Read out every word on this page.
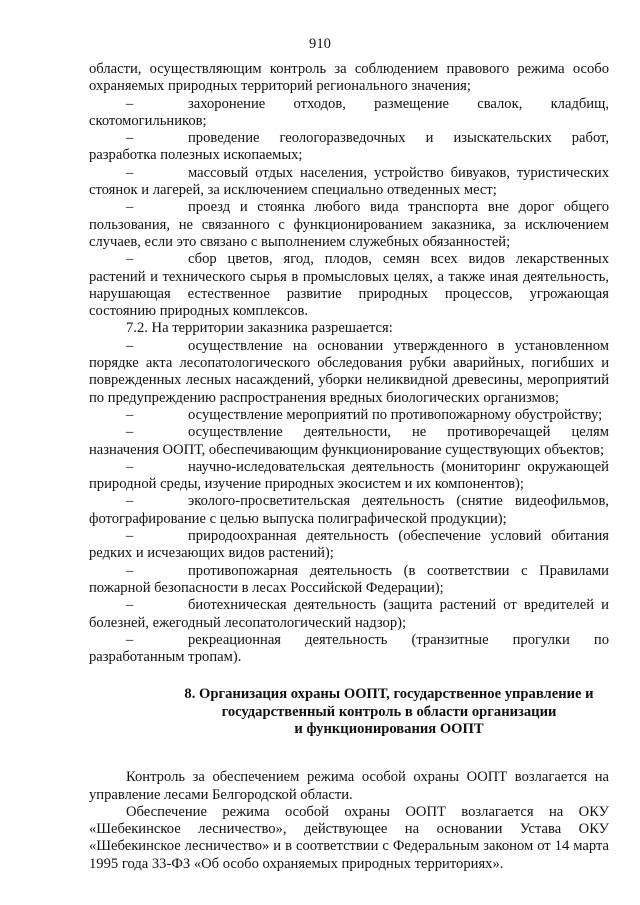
910

области, осуществляющим контроль за соблюдением правового режима особо охраняемых природных территорий регионального значения;

–	захоронение отходов, размещение свалок, кладбищ, скотомогильников;

–	проведение геологоразведочных и изыскательских работ, разработка полезных ископаемых;

–	массовый отдых населения, устройство бивуаков, туристических стоянок и лагерей, за исключением специально отведенных мест;

–	проезд и стоянка любого вида транспорта вне дорог общего пользования, не связанного с функционированием заказника, за исключением случаев, если это связано с выполнением служебных обязанностей;

–	сбор цветов, ягод, плодов, семян всех видов лекарственных растений и технического сырья в промысловых целях, а также иная деятельность, нарушающая естественное развитие природных процессов, угрожающая состоянию природных комплексов.

7.2. На территории заказника разрешается:

–	осуществление на основании утвержденного в установленном порядке акта лесопатологического обследования рубки аварийных, погибших и поврежденных лесных насаждений, уборки неликвидной древесины, мероприятий по предупреждению распространения вредных биологических организмов;

–	осуществление мероприятий по противопожарному обустройству;

–	осуществление деятельности, не противоречащей целям назначения ООПТ, обеспечивающим функционирование существующих объектов;

–	научно-иследовательская деятельность (мониторинг окружающей природной среды, изучение природных экосистем и их компонентов);

–	эколого-просветительская деятельность (снятие видеофильмов, фотографирование с целью выпуска полиграфической продукции);

–	природоохранная деятельность (обеспечение условий обитания редких и исчезающих видов растений);

–	противопожарная деятельность (в соответствии с Правилами пожарной безопасности в лесах Российской Федерации);

–	биотехническая деятельность (защита растений от вредителей и болезней, ежегодный лесопатологический надзор);

–	рекреационная деятельность (транзитные прогулки по разработанным тропам).

8. Организация охраны ООПТ, государственное управление и
государственный контроль в области организации
и функционирования ООПТ

Контроль за обеспечением режима особой охраны ООПТ возлагается на управление лесами Белгородской области.

Обеспечение режима особой охраны ООПТ возлагается на ОКУ «Шебекинское лесничество», действующее на основании Устава ОКУ «Шебекинское лесничество» и в соответствии с Федеральным законом от 14 марта 1995 года 33-ФЗ «Об особо охраняемых природных территориях».
